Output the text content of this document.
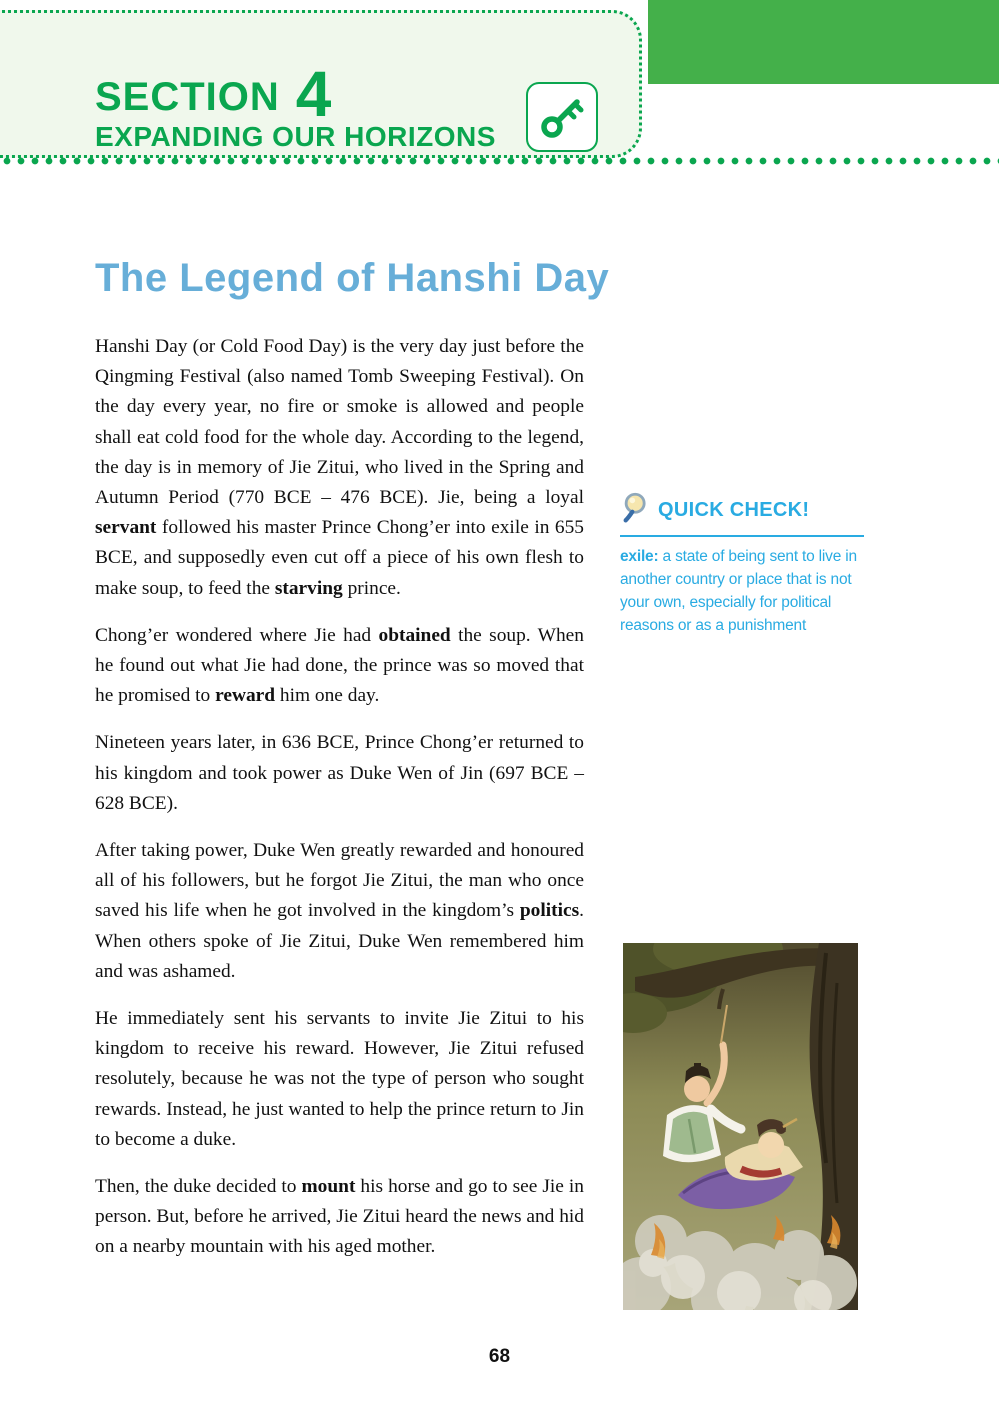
SECTION 4
EXPANDING OUR HORIZONS
The Legend of Hanshi Day

Hanshi Day (or Cold Food Day) is the very day just before the Qingming Festival (also named Tomb Sweeping Festival). On the day every year, no fire or smoke is allowed and people shall eat cold food for the whole day. According to the legend, the day is in memory of Jie Zitui, who lived in the Spring and Autumn Period (770 BCE – 476 BCE). Jie, being a loyal servant followed his master Prince Chong’er into exile in 655 BCE, and supposedly even cut off a piece of his own flesh to make soup, to feed the starving prince.

Chong’er wondered where Jie had obtained the soup. When he found out what Jie had done, the prince was so moved that he promised to reward him one day.

Nineteen years later, in 636 BCE, Prince Chong’er returned to his kingdom and took power as Duke Wen of Jin (697 BCE – 628 BCE).

After taking power, Duke Wen greatly rewarded and honoured all of his followers, but he forgot Jie Zitui, the man who once saved his life when he got involved in the kingdom’s politics. When others spoke of Jie Zitui, Duke Wen remembered him and was ashamed.

He immediately sent his servants to invite Jie Zitui to his kingdom to receive his reward. However, Jie Zitui refused resolutely, because he was not the type of person who sought rewards. Instead, he just wanted to help the prince return to Jin to become a duke.

Then, the duke decided to mount his horse and go to see Jie in person. But, before he arrived, Jie Zitui heard the news and hid on a nearby mountain with his aged mother.

QUICK CHECK!

exile: a state of being sent to live in another country or place that is not your own, especially for political reasons or as a punishment

68
